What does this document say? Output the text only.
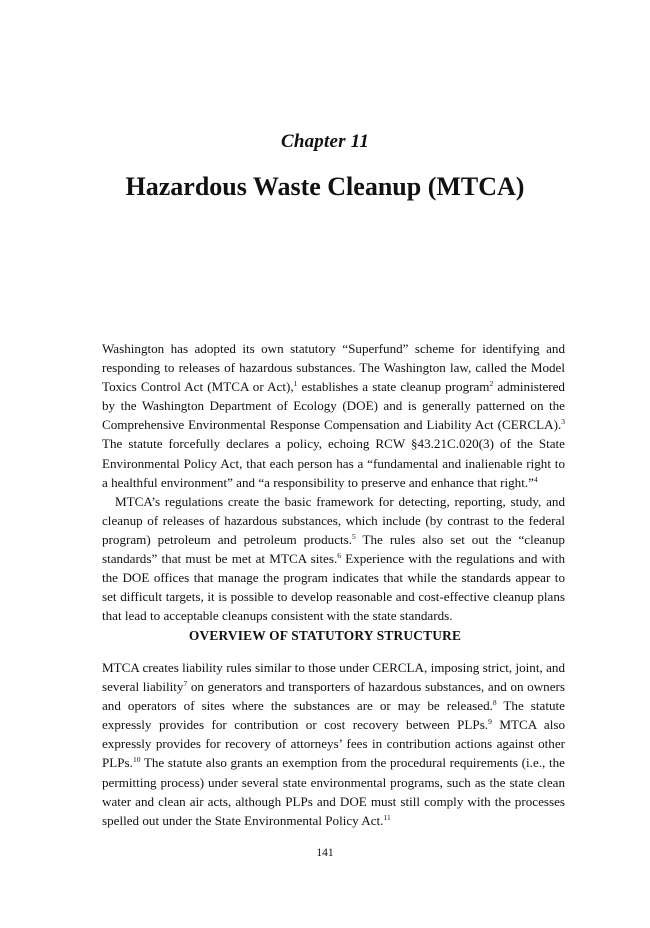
Chapter 11
Hazardous Waste Cleanup (MTCA)

Washington has adopted its own statutory “Superfund” scheme for identifying and responding to releases of hazardous substances. The Washington law, called the Model Toxics Control Act (MTCA or Act),$^1$ establishes a state cleanup program$^2$ administered by the Washington Department of Ecology (DOE) and is generally patterned on the Comprehensive Environmental Response Compensation and Liability Act (CERCLA).$^3$ The statute forcefully declares a policy, echoing RCW §43.21C.020(3) of the State Environmental Policy Act, that each person has a “fundamental and inalienable right to a healthful environment” and “a responsibility to preserve and enhance that right.”$^4$

MTCA’s regulations create the basic framework for detecting, reporting, study, and cleanup of releases of hazardous substances, which include (by contrast to the federal program) petroleum and petroleum products.$^5$ The rules also set out the “cleanup standards” that must be met at MTCA sites.$^6$ Experience with the regulations and with the DOE offices that manage the program indicates that while the standards appear to set difficult targets, it is possible to develop reasonable and cost-effective cleanup plans that lead to acceptable cleanups consistent with the state standards.

OVERVIEW OF STATUTORY STRUCTURE

MTCA creates liability rules similar to those under CERCLA, imposing strict, joint, and several liability$^7$ on generators and transporters of hazardous substances, and on owners and operators of sites where the substances are or may be released.$^8$ The statute expressly provides for contribution or cost recovery between PLPs.$^9$ MTCA also expressly provides for recovery of attorneys’ fees in contribution actions against other PLPs.$^{10}$ The statute also grants an exemption from the procedural requirements (i.e., the permitting process) under several state environmental programs, such as the state clean water and clean air acts, although PLPs and DOE must still comply with the processes spelled out under the State Environmental Policy Act.$^{11}$

141
